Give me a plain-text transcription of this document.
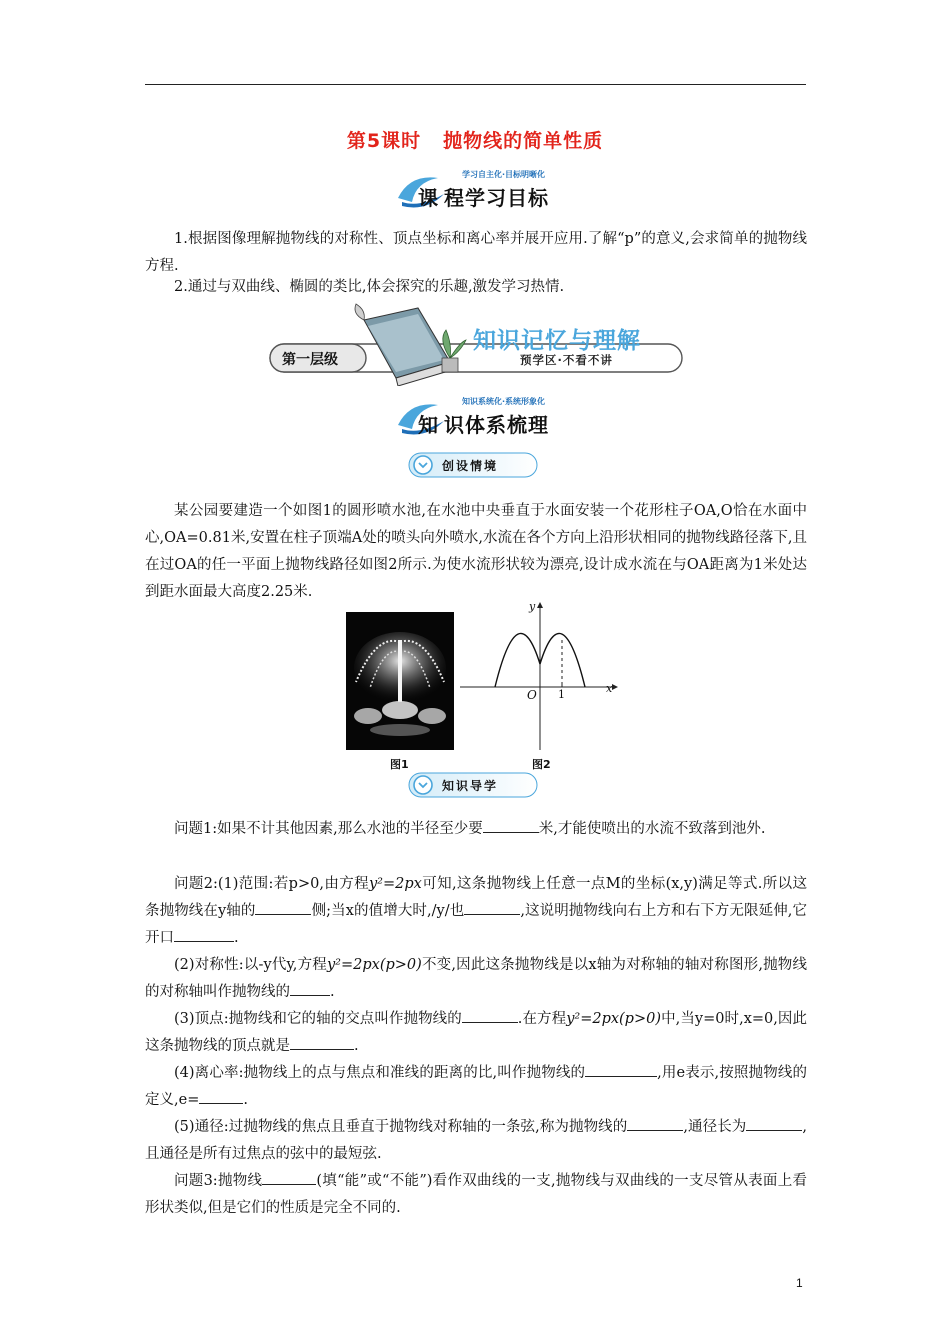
第5课时 抛物线的简单性质
学习自主化·目标明晰化
课 程学习目标
1.根据图像理解抛物线的对称性、顶点坐标和离心率并展开应用.了解“p”的意义,会求简单的抛物线方程.
2.通过与双曲线、椭圆的类比,体会探究的乐趣,激发学习热情.
第一层级
知识记忆与理解
预学区·不看不讲
知识系统化·系统形象化
知 识体系梳理
创设情境
某公园要建造一个如图1的圆形喷水池,在水池中央垂直于水面安装一个花形柱子OA,O恰在水面中心,OA=0.81米,安置在柱子顶端A处的喷头向外喷水,水流在各个方向上沿形状相同的抛物线路径落下,且在过OA的任一平面上抛物线路径如图2所示.为使水流形状较为漂亮,设计成水流在与OA距离为1米处达到距水面最大高度2.25米.
图1
y
x
O 1
图2
知识导学
问题1:如果不计其他因素,那么水池的半径至少要	米,才能使喷出的水流不致落到池外.
问题2:(1)范围:若p>0,由方程y²=2px可知,这条抛物线上任意一点M的坐标(x,y)满足等式.所以这条抛物线在y轴的	侧;当x的值增大时,/y/也	,这说明抛物线向右上方和右下方无限延伸,它开口	.
(2)对称性:以-y代y,方程y²=2px(p>0)不变,因此这条抛物线是以x轴为对称轴的轴对称图形,抛物线的对称轴叫作抛物线的	.
(3)顶点:抛物线和它的轴的交点叫作抛物线的	.在方程y²=2px(p>0)中,当y=0时,x=0,因此这条抛物线的顶点就是	.
(4)离心率:抛物线上的点与焦点和准线的距离的比,叫作抛物线的	,用e表示,按照抛物线的定义,e=	.
(5)通径:过抛物线的焦点且垂直于抛物线对称轴的一条弦,称为抛物线的	,通径长为	,且通径是所有过焦点的弦中的最短弦.
问题3:抛物线	(填“能”或“不能”)看作双曲线的一支,抛物线与双曲线的一支尽管从表面上看形状类似,但是它们的性质是完全不同的.
1
